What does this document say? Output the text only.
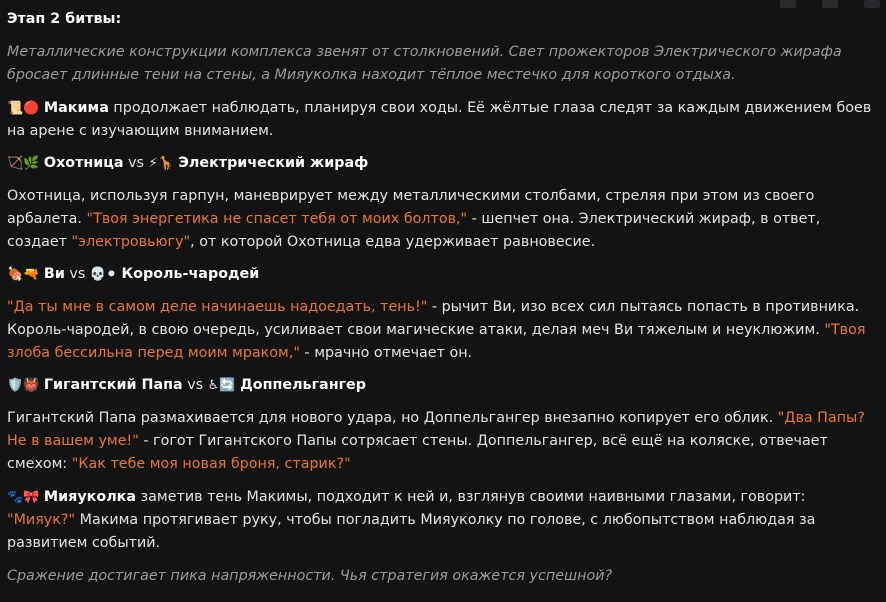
Этап 2 битвы:

Металлические конструкции комплекса звенят от столкновений. Свет прожекторов Электрического жирафа бросает длинные тени на стены, а Мияуколка находит тёплое местечко для короткого отдыха.

📜🔴 Макима продолжает наблюдать, планируя свои ходы. Её жёлтые глаза следят за каждым движением боев на арене с изучающим вниманием.

🏹🌿 Охотница vs ⚡🦒 Электрический жираф

Охотница, используя гарпун, маневрирует между металлическими столбами, стреляя при этом из своего арбалета. "Твоя энергетика не спасет тебя от моих болтов," - шепчет она. Электрический жираф, в ответ, создает "электровьюгу", от которой Охотница едва удерживает равновесие.

🍖🔫 Ви vs 💀⚫ Король-чародей

"Да ты мне в самом деле начинаешь надоедать, тень!" - рычит Ви, изо всех сил пытаясь попасть в противника. Король-чародей, в свою очередь, усиливает свои магические атаки, делая меч Ви тяжелым и неуклюжим. "Твоя злоба бессильна перед моим мраком," - мрачно отмечает он.

🛡️👹 Гигантский Папа vs ♿🔄 Доппельгангер

Гигантский Папа размахивается для нового удара, но Доппельгангер внезапно копирует его облик. "Два Папы? Не в вашем уме!" - гогот Гигантского Папы сотрясает стены. Доппельгангер, всё ещё на коляске, отвечает смехом: "Как тебе моя новая броня, старик?"

🐾🎀 Мияуколка заметив тень Макимы, подходит к ней и, взглянув своими наивными глазами, говорит: "Мияук?" Макима протягивает руку, чтобы погладить Мияуколку по голове, с любопытством наблюдая за развитием событий.

Сражение достигает пика напряженности. Чья стратегия окажется успешной?
